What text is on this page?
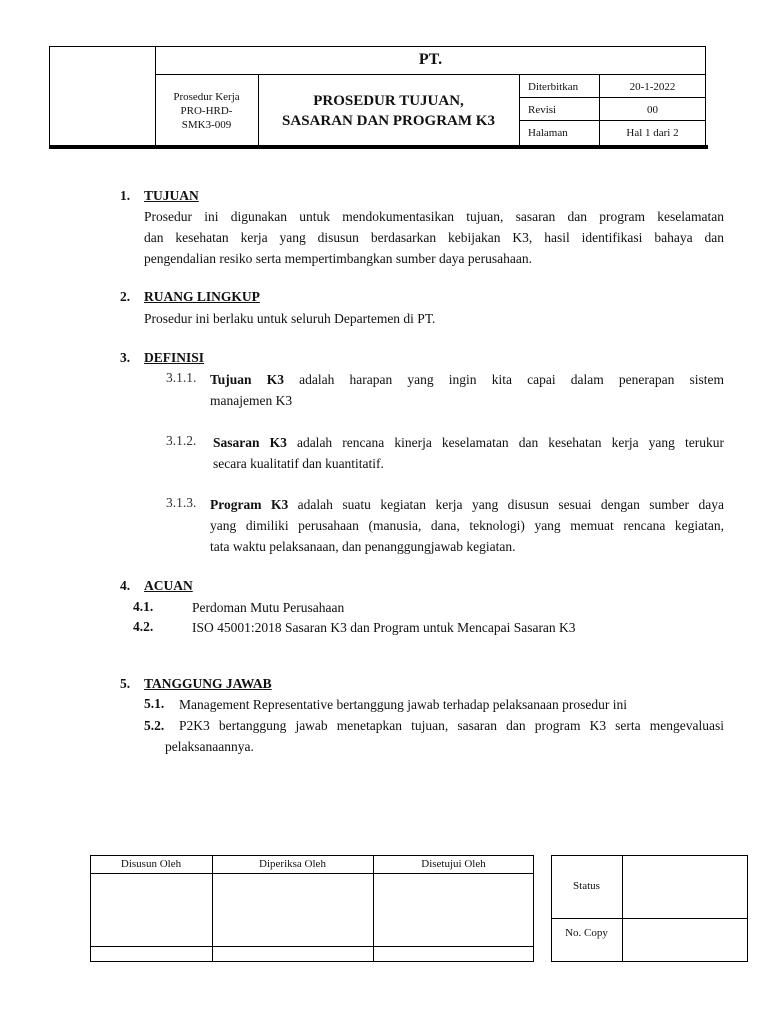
PT.
Prosedur Kerja
PRO-HRD-
SMK3-009
PROSEDUR TUJUAN,
SASARAN DAN PROGRAM K3
Diterbitkan	20-1-2022
Revisi	00
Halaman	Hal 1 dari 2
1. TUJUAN
Prosedur ini digunakan untuk mendokumentasikan tujuan, sasaran dan program keselamatan
dan kesehatan kerja yang disusun berdasarkan kebijakan K3, hasil identifikasi bahaya dan
pengendalian resiko serta mempertimbangkan sumber daya perusahaan.
2. RUANG LINGKUP
Prosedur ini berlaku untuk seluruh Departemen di PT.
3. DEFINISI
3.1.1. Tujuan K3 adalah harapan yang ingin kita capai dalam penerapan sistem
manajemen K3
3.1.2. Sasaran K3 adalah rencana kinerja keselamatan dan kesehatan kerja yang terukur
secara kualitatif dan kuantitatif.
3.1.3. Program K3 adalah suatu kegiatan kerja yang disusun sesuai dengan sumber daya
yang dimiliki perusahaan (manusia, dana, teknologi) yang memuat rencana kegiatan,
tata waktu pelaksanaan, dan penanggungjawab kegiatan.
4. ACUAN
4.1.	Perdoman Mutu Perusahaan
4.2.	ISO 45001:2018 Sasaran K3 dan Program untuk Mencapai Sasaran K3
5. TANGGUNG JAWAB
5.1. Management Representative bertanggung jawab terhadap pelaksanaan prosedur ini
5.2.	P2K3 bertanggung jawab menetapkan tujuan, sasaran dan program K3 serta mengevaluasi
pelaksanaannya.
Disusun Oleh	Diperiksa Oleh	Disetujui Oleh
Status
No. Copy
